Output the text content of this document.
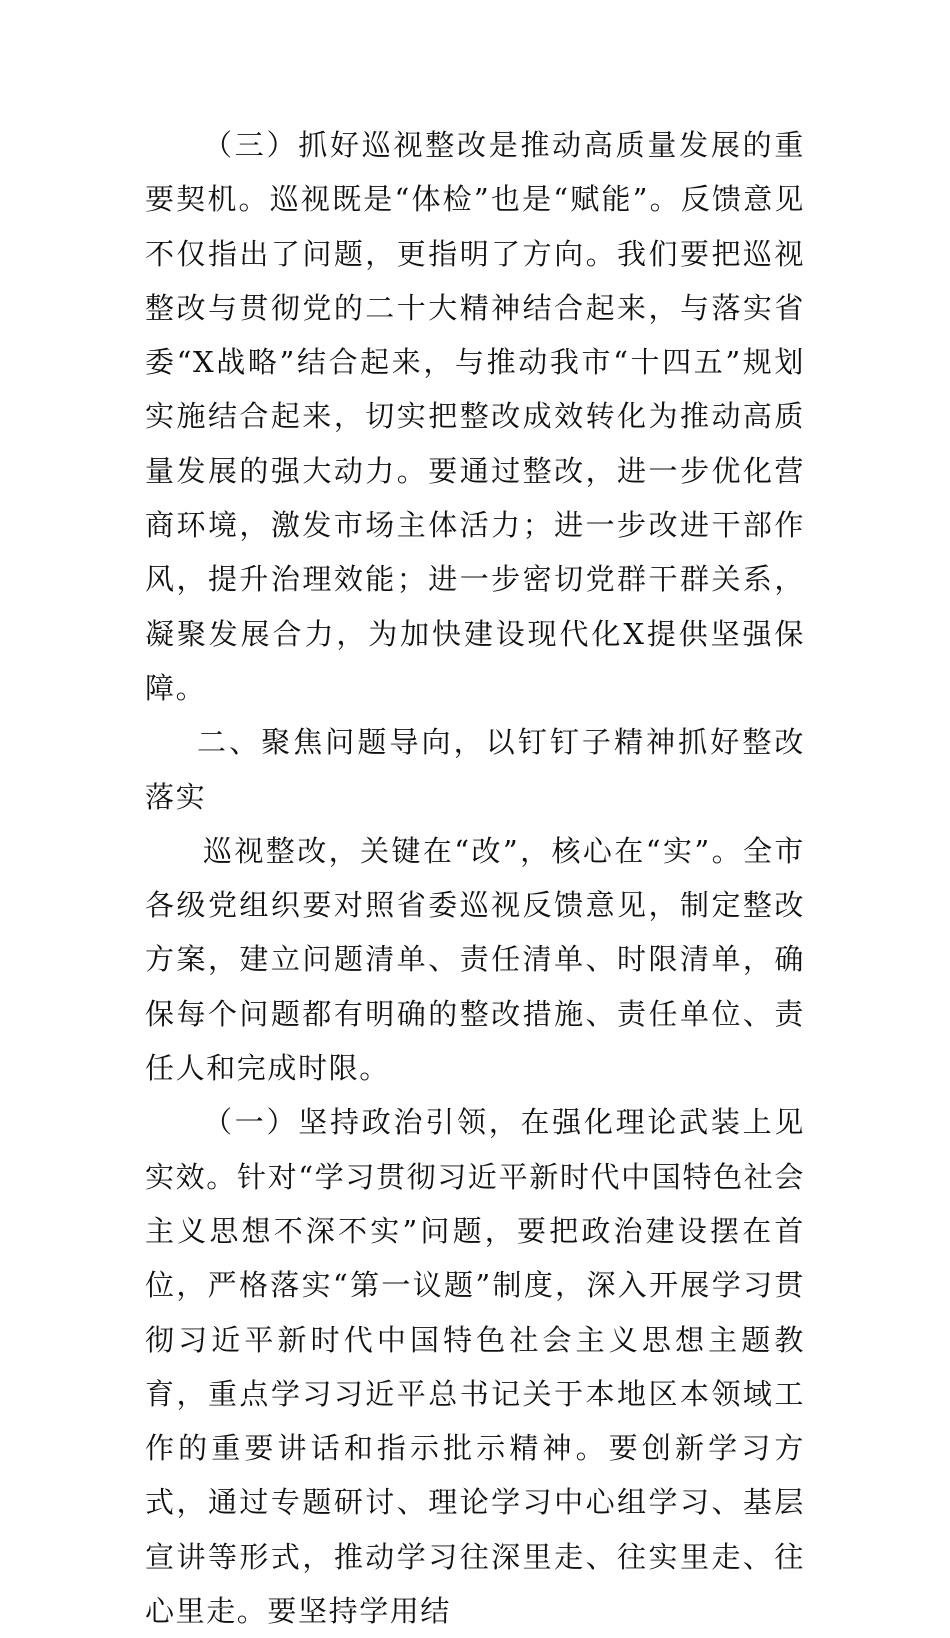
（三）抓好巡视整改是推动高质量发展的重要契机。巡视既是“体检”也是“赋能”。反馈意见不仅指出了问题，更指明了方向。我们要把巡视整改与贯彻党的二十大精神结合起来，与落实省委“X战略”结合起来，与推动我市“十四五”规划实施结合起来，切实把整改成效转化为推动高质量发展的强大动力。要通过整改，进一步优化营商环境，激发市场主体活力；进一步改进干部作风，提升治理效能；进一步密切党群干群关系，凝聚发展合力，为加快建设现代化X提供坚强保障。

二、聚焦问题导向，以钉钉子精神抓好整改落实

巡视整改，关键在“改”，核心在“实”。全市各级党组织要对照省委巡视反馈意见，制定整改方案，建立问题清单、责任清单、时限清单，确保每个问题都有明确的整改措施、责任单位、责任人和完成时限。

（一）坚持政治引领，在强化理论武装上见实效。针对“学习贯彻习近平新时代中国特色社会主义思想不深不实”问题，要把政治建设摆在首位，严格落实“第一议题”制度，深入开展学习贯彻习近平新时代中国特色社会主义思想主题教育，重点学习习近平总书记关于本地区本领域工作的重要讲话和指示批示精神。要创新学习方式，通过专题研讨、理论学习中心组学习、基层宣讲等形式，推动学习往深里走、往实里走、往心里走。要坚持学用结
